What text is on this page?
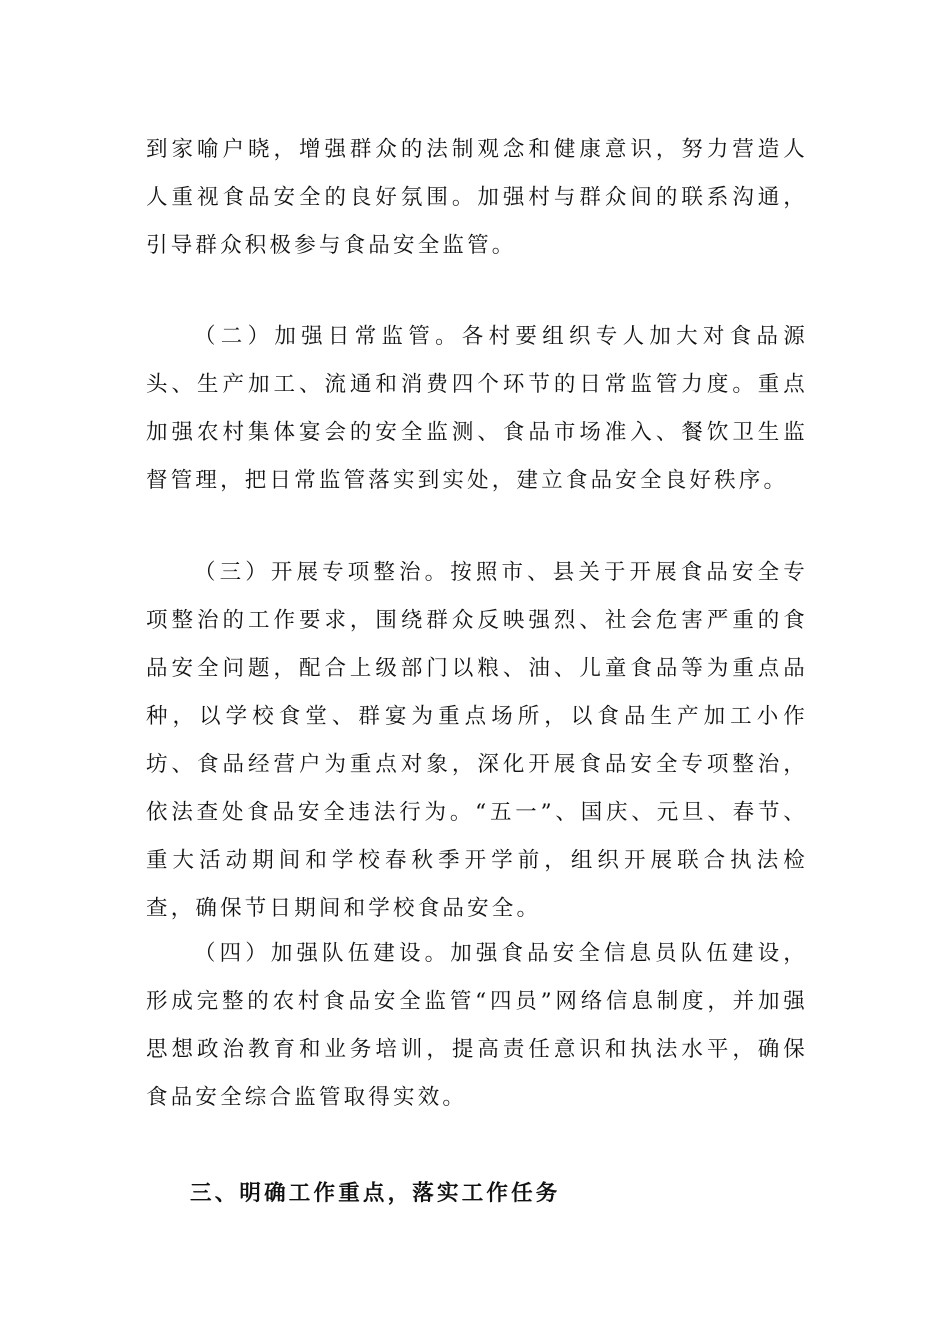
到家喻户晓，增强群众的法制观念和健康意识，努力营造人人重视食品安全的良好氛围。加强村与群众间的联系沟通，引导群众积极参与食品安全监管。

（二）加强日常监管。各村要组织专人加大对食品源头、生产加工、流通和消费四个环节的日常监管力度。重点加强农村集体宴会的安全监测、食品市场准入、餐饮卫生监督管理，把日常监管落实到实处，建立食品安全良好秩序。

（三）开展专项整治。按照市、县关于开展食品安全专项整治的工作要求，围绕群众反映强烈、社会危害严重的食品安全问题，配合上级部门以粮、油、儿童食品等为重点品种，以学校食堂、群宴为重点场所，以食品生产加工小作坊、食品经营户为重点对象，深化开展食品安全专项整治，依法查处食品安全违法行为。“五一”、国庆、元旦、春节、重大活动期间和学校春秋季开学前，组织开展联合执法检查，确保节日期间和学校食品安全。

（四）加强队伍建设。加强食品安全信息员队伍建设，形成完整的农村食品安全监管“四员”网络信息制度，并加强思想政治教育和业务培训，提高责任意识和执法水平，确保食品安全综合监管取得实效。

三、明确工作重点，落实工作任务
